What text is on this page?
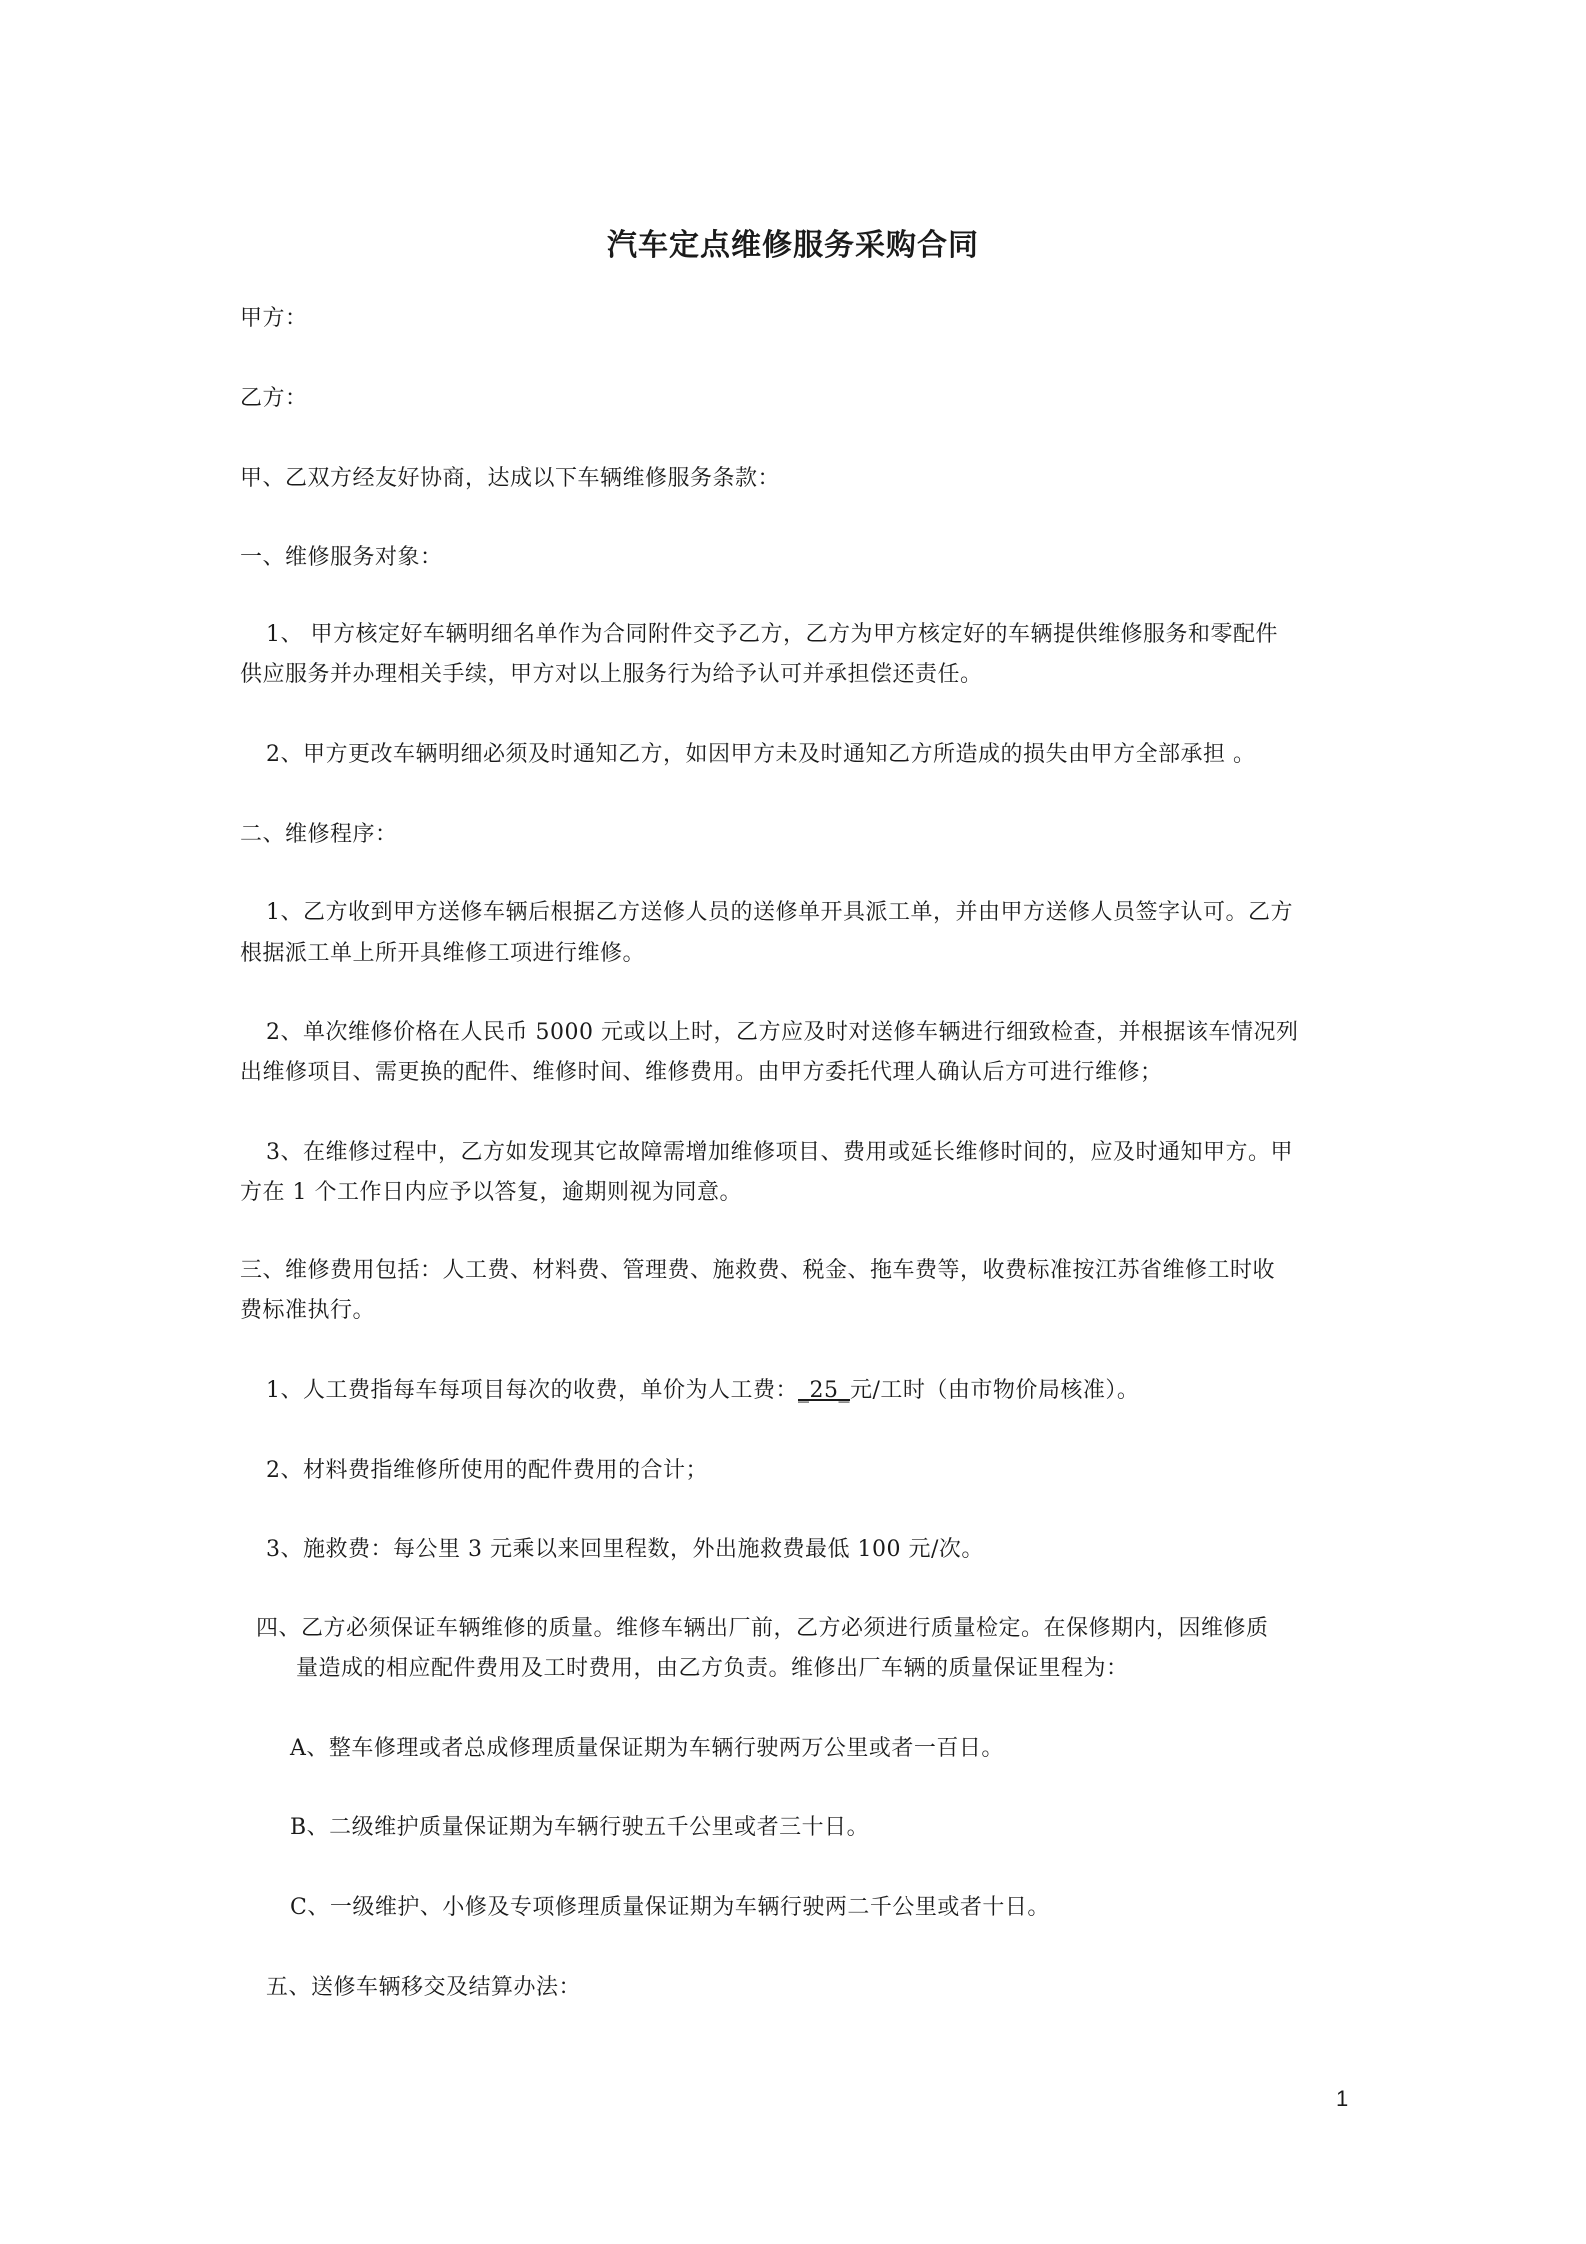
汽车定点维修服务采购合同
甲方：
乙方：
甲、乙双方经友好协商，达成以下车辆维修服务条款：
一、维修服务对象：
1、 甲方核定好车辆明细名单作为合同附件交予乙方，乙方为甲方核定好的车辆提供维修服务和零配件
供应服务并办理相关手续，甲方对以上服务行为给予认可并承担偿还责任。
2、甲方更改车辆明细必须及时通知乙方，如因甲方未及时通知乙方所造成的损失由甲方全部承担 。
二、维修程序：
1、乙方收到甲方送修车辆后根据乙方送修人员的送修单开具派工单，并由甲方送修人员签字认可。乙方
根据派工单上所开具维修工项进行维修。
2、单次维修价格在人民币 5000 元或以上时，乙方应及时对送修车辆进行细致检查，并根据该车情况列
出维修项目、需更换的配件、维修时间、维修费用。由甲方委托代理人确认后方可进行维修；
3、在维修过程中，乙方如发现其它故障需增加维修项目、费用或延长维修时间的，应及时通知甲方。甲
方在 1 个工作日内应予以答复，逾期则视为同意。
三、维修费用包括：人工费、材料费、管理费、施救费、税金、拖车费等，收费标准按江苏省维修工时收
费标准执行。
1、人工费指每车每项目每次的收费，单价为人工费：_25_元/工时（由市物价局核准）。
2、材料费指维修所使用的配件费用的合计；
3、施救费：每公里 3 元乘以来回里程数，外出施救费最低 100 元/次。
四、乙方必须保证车辆维修的质量。维修车辆出厂前，乙方必须进行质量检定。在保修期内，因维修质
量造成的相应配件费用及工时费用，由乙方负责。维修出厂车辆的质量保证里程为：
A、整车修理或者总成修理质量保证期为车辆行驶两万公里或者一百日。
B、二级维护质量保证期为车辆行驶五千公里或者三十日。
C、一级维护、小修及专项修理质量保证期为车辆行驶两二千公里或者十日。
五、送修车辆移交及结算办法：
1
